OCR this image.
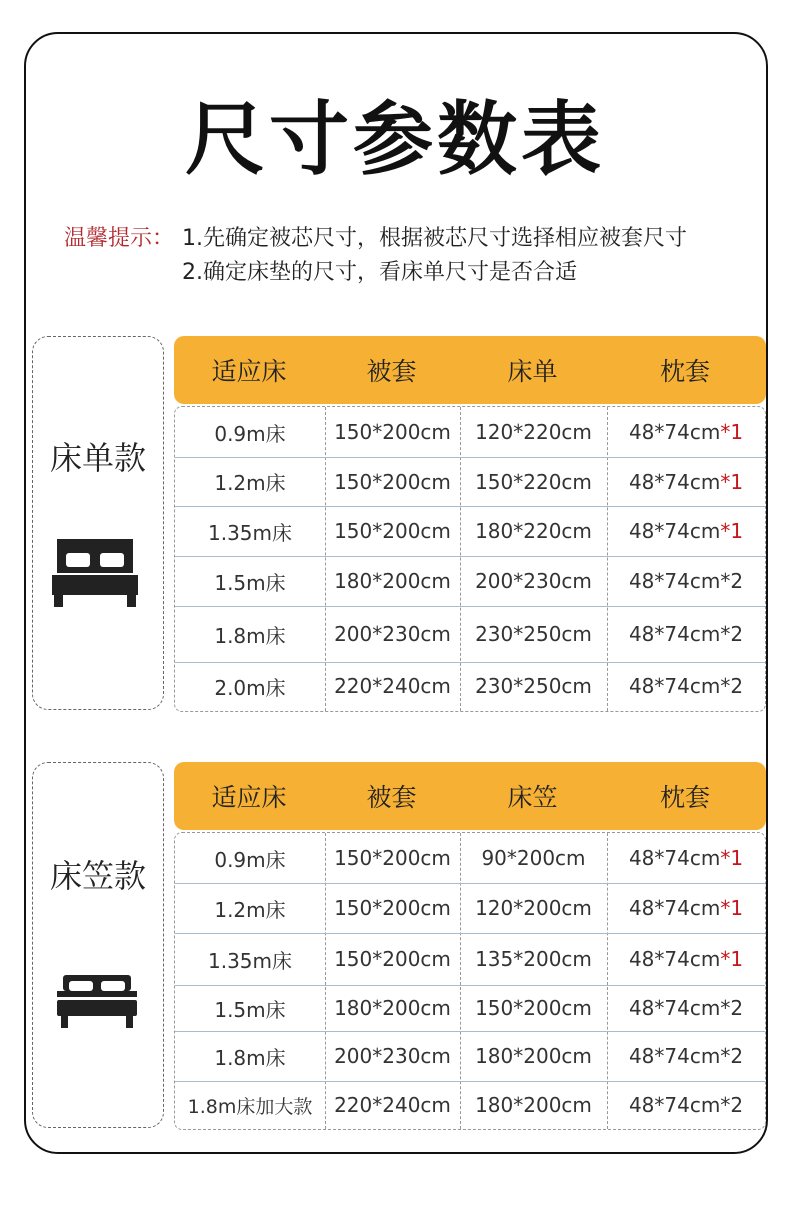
尺寸参数表
温馨提示： 1.先确定被芯尺寸，根据被芯尺寸选择相应被套尺寸
2.确定床垫的尺寸，看床单尺寸是否合适
床单款
适应床	被套	床单	枕套
0.9m床	150*200cm	120*220cm	48*74cm*1
1.2m床	150*200cm	150*220cm	48*74cm*1
1.35m床	150*200cm	180*220cm	48*74cm*1
1.5m床	180*200cm	200*230cm	48*74cm*2
1.8m床	200*230cm	230*250cm	48*74cm*2
2.0m床	220*240cm	230*250cm	48*74cm*2
床笠款
适应床	被套	床笠	枕套
0.9m床	150*200cm	90*200cm	48*74cm*1
1.2m床	150*200cm	120*200cm	48*74cm*1
1.35m床	150*200cm	135*200cm	48*74cm*1
1.5m床	180*200cm	150*200cm	48*74cm*2
1.8m床	200*230cm	180*200cm	48*74cm*2
1.8m床加大款	220*240cm	180*200cm	48*74cm*2
